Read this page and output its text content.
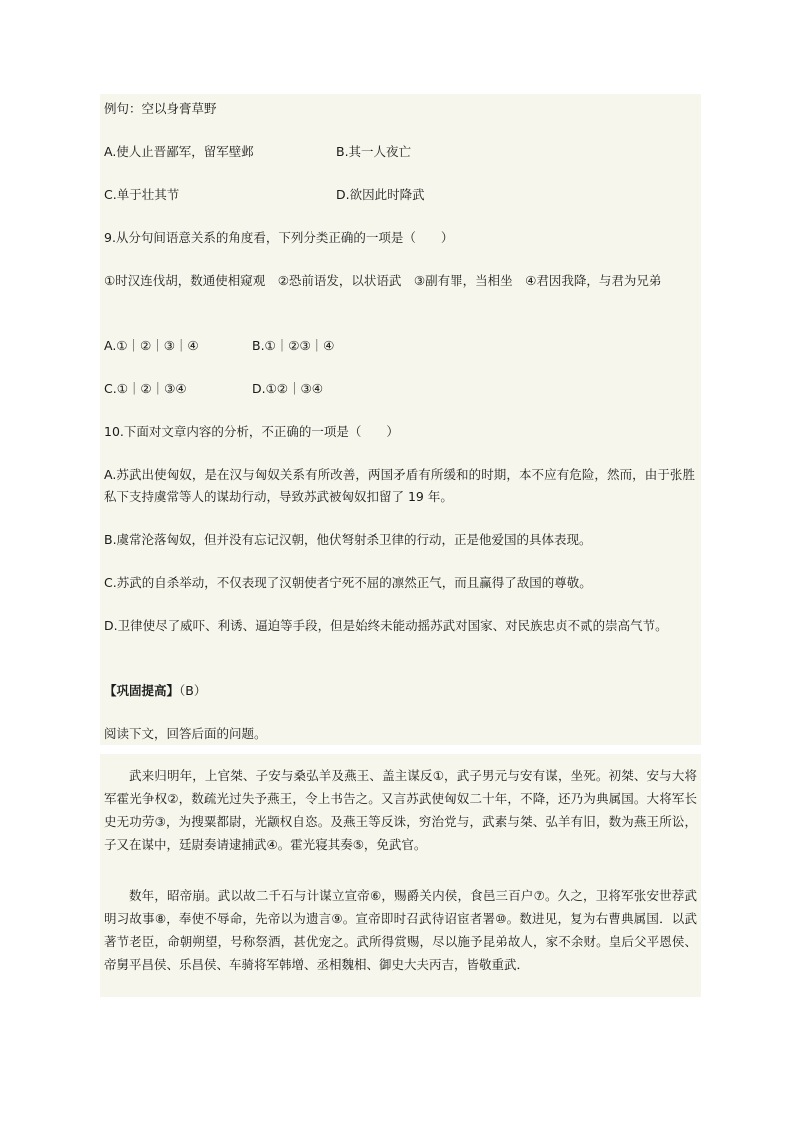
例句：空以身膏草野
A.使人止晋鄙军，留军壁邺	B.其一人夜亡
C.单于壮其节	D.欲因此时降武
9.从分句间语意关系的角度看，下列分类正确的一项是（　　）
①时汉连伐胡，数通使相窥观　②恐前语发，以状语武　③副有罪，当相坐　④君因我降，与君为兄弟
A.①｜②｜③｜④	B.①｜②③｜④
C.①｜②｜③④	D.①②｜③④
10.下面对文章内容的分析，不正确的一项是（　　）
A.苏武出使匈奴，是在汉与匈奴关系有所改善，两国矛盾有所缓和的时期，本不应有危险，然而，由于张胜私下支持虞常等人的谋劫行动，导致苏武被匈奴扣留了 19 年。
B.虞常沦落匈奴，但并没有忘记汉朝，他伏弩射杀卫律的行动，正是他爱国的具体表现。
C.苏武的自杀举动，不仅表现了汉朝使者宁死不屈的凛然正气，而且赢得了敌国的尊敬。
D.卫律使尽了威吓、利诱、逼迫等手段，但是始终未能动摇苏武对国家、对民族忠贞不贰的崇高气节。
【巩固提高】（B）
阅读下文，回答后面的问题。
武来归明年，上官桀、子安与桑弘羊及燕王、盖主谋反①，武子男元与安有谋，坐死。初桀、安与大将军霍光争权②，数疏光过失予燕王，令上书告之。又言苏武使匈奴二十年，不降，还乃为典属国。大将军长史无功劳③，为搜粟都尉，光颛权自恣。及燕王等反诛，穷治党与，武素与桀、弘羊有旧，数为燕王所讼，子又在谋中，廷尉奏请逮捕武④。霍光寝其奏⑤，免武官。
数年，昭帝崩。武以故二千石与计谋立宣帝⑥，赐爵关内侯，食邑三百户⑦。久之，卫将军张安世荐武明习故事⑧，奉使不辱命，先帝以为遗言⑨。宣帝即时召武待诏宦者署⑩。数进见，复为右曹典属国．以武著节老臣，命朝朔望，号称祭酒，甚优宠之。武所得赏赐，尽以施予昆弟故人，家不余财。皇后父平恩侯、帝舅平昌侯、乐昌侯、车骑将军韩增、丞相魏相、御史大夫丙吉，皆敬重武．
